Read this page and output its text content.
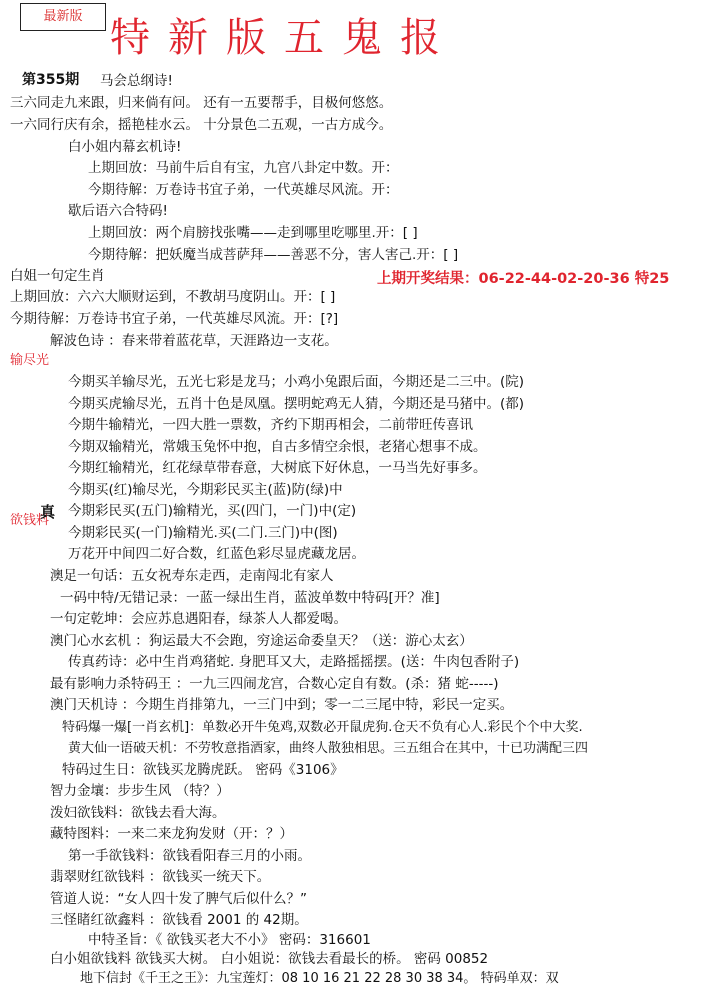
最新版 特新版五鬼报
第355期 马会总纲诗!
三六同走九来跟，归来倘有问。 还有一五要帮手，目极何悠悠。
一六同行庆有余，摇艳桂水云。 十分景色二五观，一古方成今。
白小姐内幕玄机诗!
上期回放：马前牛后自有宝，九宫八卦定中数。开：
今期待解：万卷诗书宜子弟，一代英雄尽风流。开：
歇后语六合特码!
上期回放：两个肩膀找张嘴——走到哪里吃哪里.开：[ ]
今期待解：把妖魔当成菩萨拜——善恶不分，害人害己.开：[ ]
白姐一句定生肖	上期开奖结果：06-22-44-02-20-36 特25
上期回放：六六大顺财运到，不教胡马度阴山。开：[ ]
今期待解：万卷诗书宜子弟，一代英雄尽风流。开：[?]
解波色诗 ：春来带着蓝花草，天涯路边一支花。
输尽光
今期买羊输尽光，五光七彩是龙马；小鸡小兔跟后面，今期还是二三中。(院)
今期买虎输尽光，五肖十色是凤凰。摆明蛇鸡无人猜，今期还是马猪中。(都)
今期牛输精光，一四大胜一票数，齐约下期再相会，二前带旺传喜讯
今期双输精光，常娥玉兔怀中抱，自古多情空余恨，老猪心想事不成。
今期红输精光，红花绿草带春意，大树底下好休息，一马当先好事多。
今期买(红)输尽光，今期彩民买主(蓝)防(绿)中
今期彩民买(五门)输精光，买(四门，一门)中(定)
今期彩民买(一门)输精光.买(二门.三门)中(图)
欲钱料
真
万花开中间四二好合数，红蓝色彩尽显虎藏龙居。
澳足一句话：五女祝寿东走西，走南闯北有家人
一码中特/无错记录：一蓝一绿出生肖，蓝波单数中特码[开？准]
一句定乾坤：会应苏息遇阳春，绿茶人人都爱喝。
澳门心水玄机 ：狗运最大不会跑，穷途运命委皇天？（送：游心太玄）
传真药诗：必中生肖鸡猪蛇. 身肥耳又大，走路摇摇摆。(送：牛肉包香附子)
最有影响力杀特码王 ：一九三四闹龙宫，合数心定自有数。(杀：猪 蛇-----)
澳门天机诗 ：今期生肖排第九，一三门中到；零一二三尾中特，彩民一定买。
特码爆一爆[一肖玄机]：单数必开牛兔鸡,双数必开鼠虎狗.仓天不负有心人.彩民个个中大奖.
黄大仙一语破天机：不劳牧意指酒家，曲终人散独相思。三五组合在其中，十已功满配三四
特码过生日：欲钱买龙腾虎跃。 密码《3106》
智力金壤：步步生风 （特？）
泼妇欲钱料：欲钱去看大海。
藏特图料：一来二来龙狗发财（开：？）
第一手欲钱料：欲钱看阳春三月的小雨。
翡翠财红欲钱料 ：欲钱买一统天下。
管道人说：“女人四十发了脾气后似什么？”
三怪睹红欲鑫料 ：欲钱看 2001 的 42期。
中特圣旨：《 欲钱买老大不小》 密码：316601
白小姐欲钱料 欲钱买大树。 白小姐说：欲钱去看最长的桥。 密码 00852
地下信封《千王之王》：九宝莲灯：08 10 16 21 22 28 30 38 34。 特码单双：双
